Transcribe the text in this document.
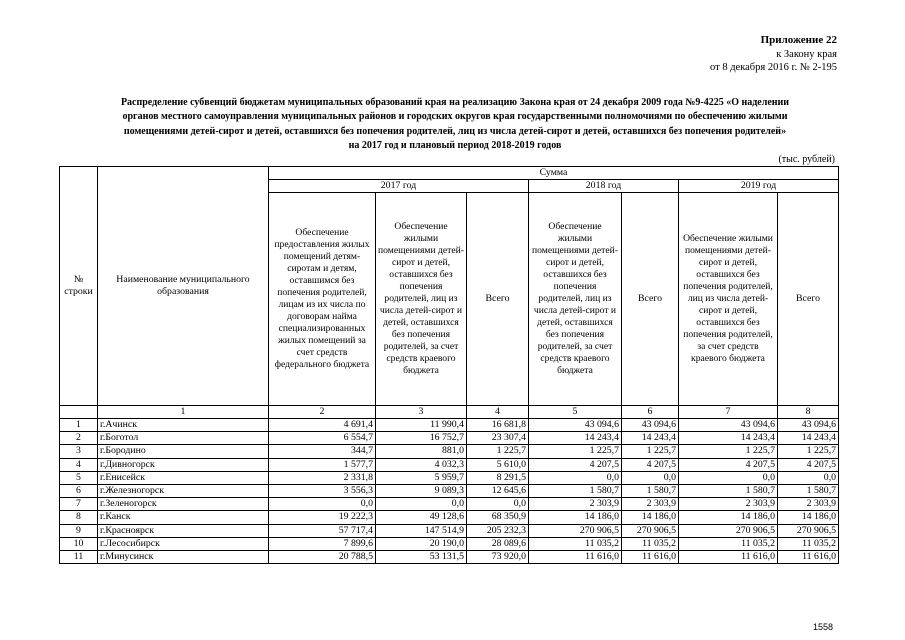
Приложение 22
к Закону края
от 8 декабря 2016 г. № 2-195
Распределение субвенций бюджетам муниципальных образований края на реализацию Закона края от 24 декабря 2009 года №9-4225 «О наделении
органов местного самоуправления муниципальных районов и городских округов края государственными полномочиями по обеспечению жилыми
помещениями детей-сирот и детей, оставшихся без попечения родителей, лиц из числа детей-сирот и детей, оставшихся без попечения родителей»
на 2017 год и плановый период 2018-2019 годов
(тыс. рублей)
№ строки	Наименование муниципального образования	Сумма						
		2017 год			2018 год		2019 год	
		Обеспечение предоставления жилых помещений детям-сиротам и детям, оставшимся без попечения родителей, лицам из их числа по договорам найма специализированных жилых помещений за счет средств федерального бюджета	Обеспечение жилыми помещениями детей-сирот и детей, оставшихся без попечения родителей, лиц из числа детей-сирот и детей, оставшихся без попечения родителей, за счет средств краевого бюджета	Всего	Обеспечение жилыми помещениями детей-сирот и детей, оставшихся без попечения родителей, лиц из числа детей-сирот и детей, оставшихся без попечения родителей, за счет средств краевого бюджета	Всего	Обеспечение жилыми помещениями детей-сирот и детей, оставшихся без попечения родителей, лиц из числа детей-сирот и детей, оставшихся без попечения родителей, за счет средств краевого бюджета	Всего
	1	2	3	4	5	6	7	8
1	г.Ачинск	4 691,4	11 990,4	16 681,8	43 094,6	43 094,6	43 094,6	43 094,6
2	г.Боготол	6 554,7	16 752,7	23 307,4	14 243,4	14 243,4	14 243,4	14 243,4
3	г.Бородино	344,7	881,0	1 225,7	1 225,7	1 225,7	1 225,7	1 225,7
4	г.Дивногорск	1 577,7	4 032,3	5 610,0	4 207,5	4 207,5	4 207,5	4 207,5
5	г.Енисейск	2 331,8	5 959,7	8 291,5	0,0	0,0	0,0	0,0
6	г.Железногорск	3 556,3	9 089,3	12 645,6	1 580,7	1 580,7	1 580,7	1 580,7
7	г.Зеленогорск	0,0	0,0	0,0	2 303,9	2 303,9	2 303,9	2 303,9
8	г.Канск	19 222,3	49 128,6	68 350,9	14 186,0	14 186,0	14 186,0	14 186,0
9	г.Красноярск	57 717,4	147 514,9	205 232,3	270 906,5	270 906,5	270 906,5	270 906,5
10	г.Лесосибирск	7 899,6	20 190,0	28 089,6	11 035,2	11 035,2	11 035,2	11 035,2
11	г.Минусинск	20 788,5	53 131,5	73 920,0	11 616,0	11 616,0	11 616,0	11 616,0
1558
